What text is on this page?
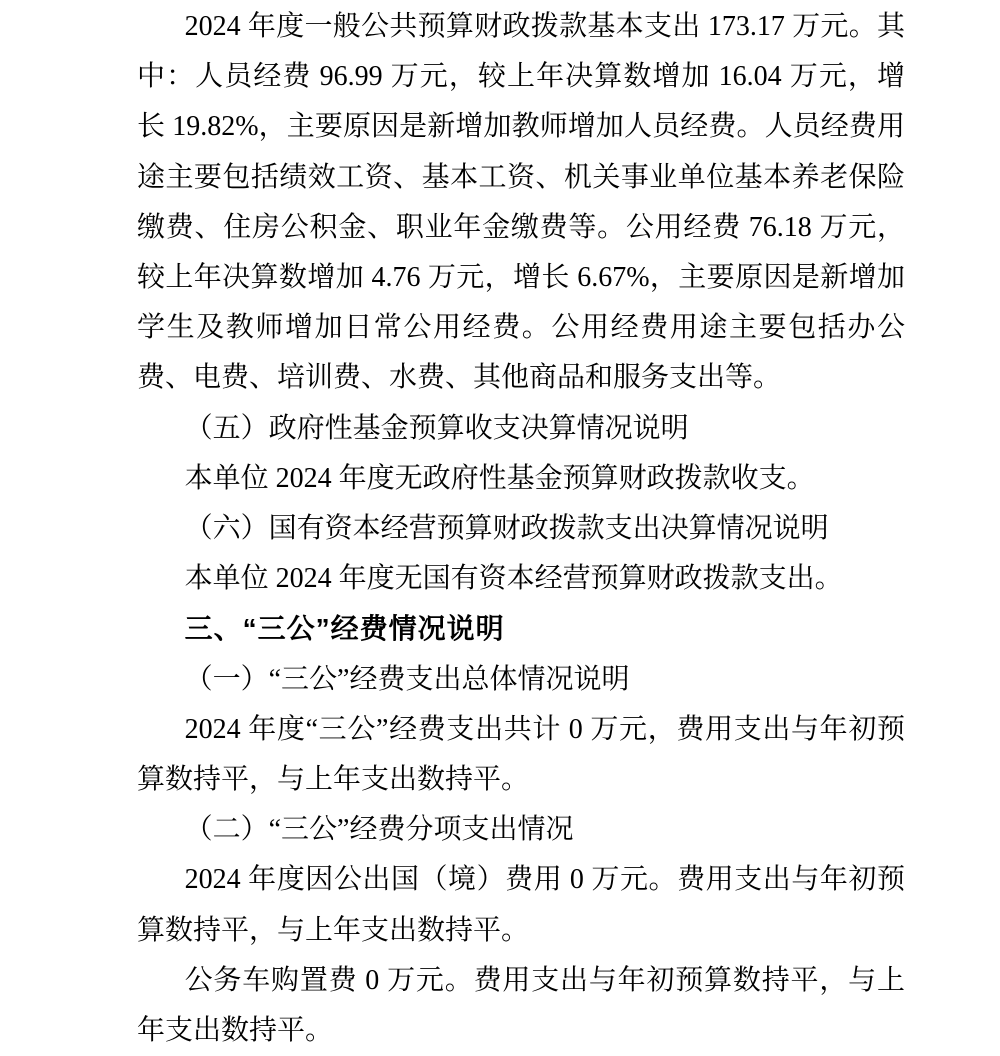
2024 年度一般公共预算财政拨款基本支出 173.17 万元。其中：人员经费 96.99 万元，较上年决算数增加 16.04 万元，增长 19.82%，主要原因是新增加教师增加人员经费。人员经费用途主要包括绩效工资、基本工资、机关事业单位基本养老保险缴费、住房公积金、职业年金缴费等。公用经费 76.18 万元，较上年决算数增加 4.76 万元，增长 6.67%，主要原因是新增加学生及教师增加日常公用经费。公用经费用途主要包括办公费、电费、培训费、水费、其他商品和服务支出等。

（五）政府性基金预算收支决算情况说明

本单位 2024 年度无政府性基金预算财政拨款收支。

（六）国有资本经营预算财政拨款支出决算情况说明

本单位 2024 年度无国有资本经营预算财政拨款支出。

三、“三公”经费情况说明

（一）“三公”经费支出总体情况说明

2024 年度“三公”经费支出共计 0 万元，费用支出与年初预算数持平，与上年支出数持平。

（二）“三公”经费分项支出情况

2024 年度因公出国（境）费用 0 万元。费用支出与年初预算数持平，与上年支出数持平。

公务车购置费 0 万元。费用支出与年初预算数持平，与上年支出数持平。
